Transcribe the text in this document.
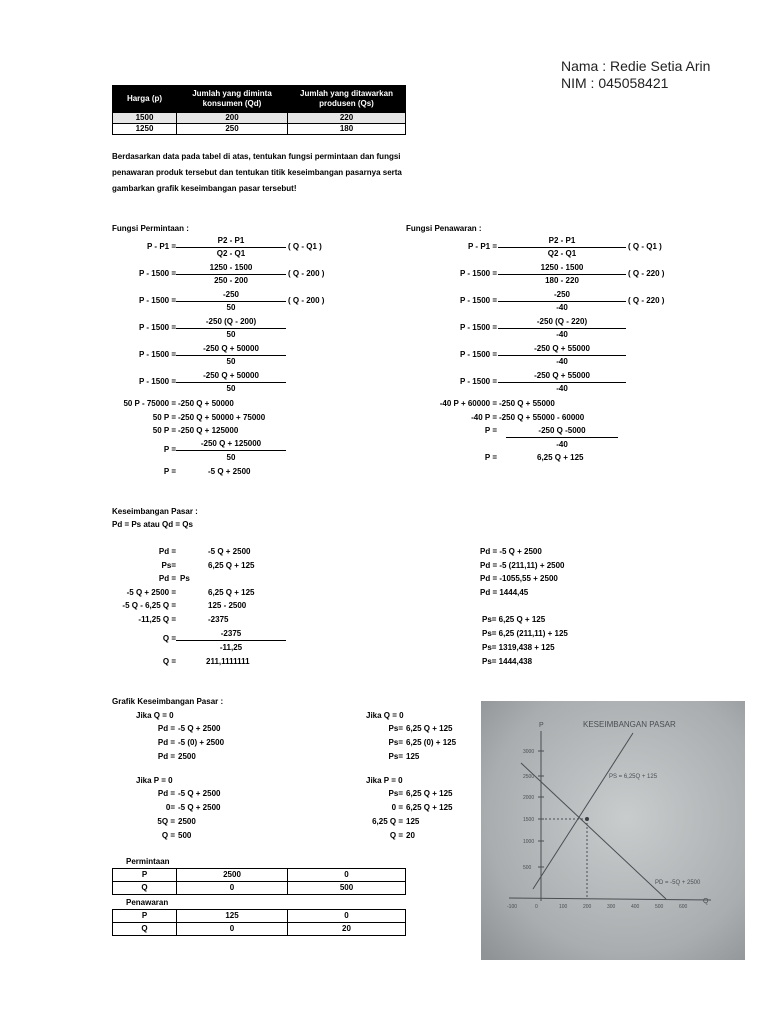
Nama : Redie Setia Arin
NIM : 045058421
Harga (p)	Jumlah yang diminta konsumen (Qd)	Jumlah yang ditawarkan produsen (Qs)
1500	200	220
1250	250	180
Berdasarkan data pada tabel di atas, tentukan fungsi permintaan dan fungsi penawaran produk tersebut dan tentukan titik keseimbangan pasarnya serta gambarkan grafik keseimbangan pasar tersebut!
Fungsi Permintaan :
P2 - P1
Q2 - Q1
P - P1 =	( Q - Q1 )
1250 - 1500
250 - 200
P - 1500 =	( Q - 200 )
-250
50
P - 1500 =	( Q - 200 )
-250 (Q - 200)
50
P - 1500 =
-250 Q + 50000
50
P - 1500 =
-250 Q + 50000
50
P - 1500 =
P2 - P1
Q2 - Q1
P - P1 =	( Q - Q1 )
1250 - 1500
180 - 220
P - 1500 =	( Q - 220 )
-250
-40
P - 1500 =	( Q - 220 )
-250 (Q - 220)
-40
P - 1500 =
-250 Q + 55000
-40
P - 1500 =
-250 Q + 55000
-40
P - 1500 =
50 P - 75000 = -250 Q + 50000
50 P = -250 Q + 50000 + 75000
50 P = -250 Q + 125000
P =
-250 Q + 125000
50
P =	-5 Q + 2500
Fungsi Penawaran :
-40 P + 60000 = -250 Q + 55000
-40 P = -250 Q + 55000 - 60000
P =	-250 Q -5000
-40
P =	6,25 Q + 125
Keseimbangan Pasar :
Pd = Ps atau Qd = Qs
Pd =	-5 Q + 2500
Ps=	6,25 Q + 125
Pd = Ps
-5 Q + 2500 =	6,25 Q + 125
-5 Q - 6,25 Q =	125 - 2500
-11,25 Q =	-2375
Q =
-2375
-11,25
Q =	211,1111111
Pd = -5 Q + 2500
Pd = -5 (211,11) + 2500
Pd = -1055,55 + 2500
Pd = 1444,45
Ps= 6,25 Q + 125
Ps= 6,25 (211,11) + 125
Ps= 1319,438 + 125
Ps= 1444,438
Grafik Keseimbangan Pasar :
Jika Q = 0
Pd = -5 Q + 2500
Pd = -5 (0) + 2500
Pd = 2500
Jika Q = 0
Ps= 6,25 Q + 125
Ps= 6,25 (0) + 125
Ps= 125
Jika P = 0
Pd = -5 Q + 2500
0= -5 Q + 2500
5Q = 2500
Q = 500
Jika P = 0
Ps= 6,25 Q + 125
0 = 6,25 Q + 125
6,25 Q = 125
Q = 20
Permintaan
P	2500	0
Q	0	500
Penawaran
P	125	0
Q	0	20
KESEIMBANGAN PASAR
P
Q
PS = 6,25Q + 125
PD = -5Q + 2500
3000
2500
2000
1500
1000
500
-100	0	100	200	300	400	500	600
